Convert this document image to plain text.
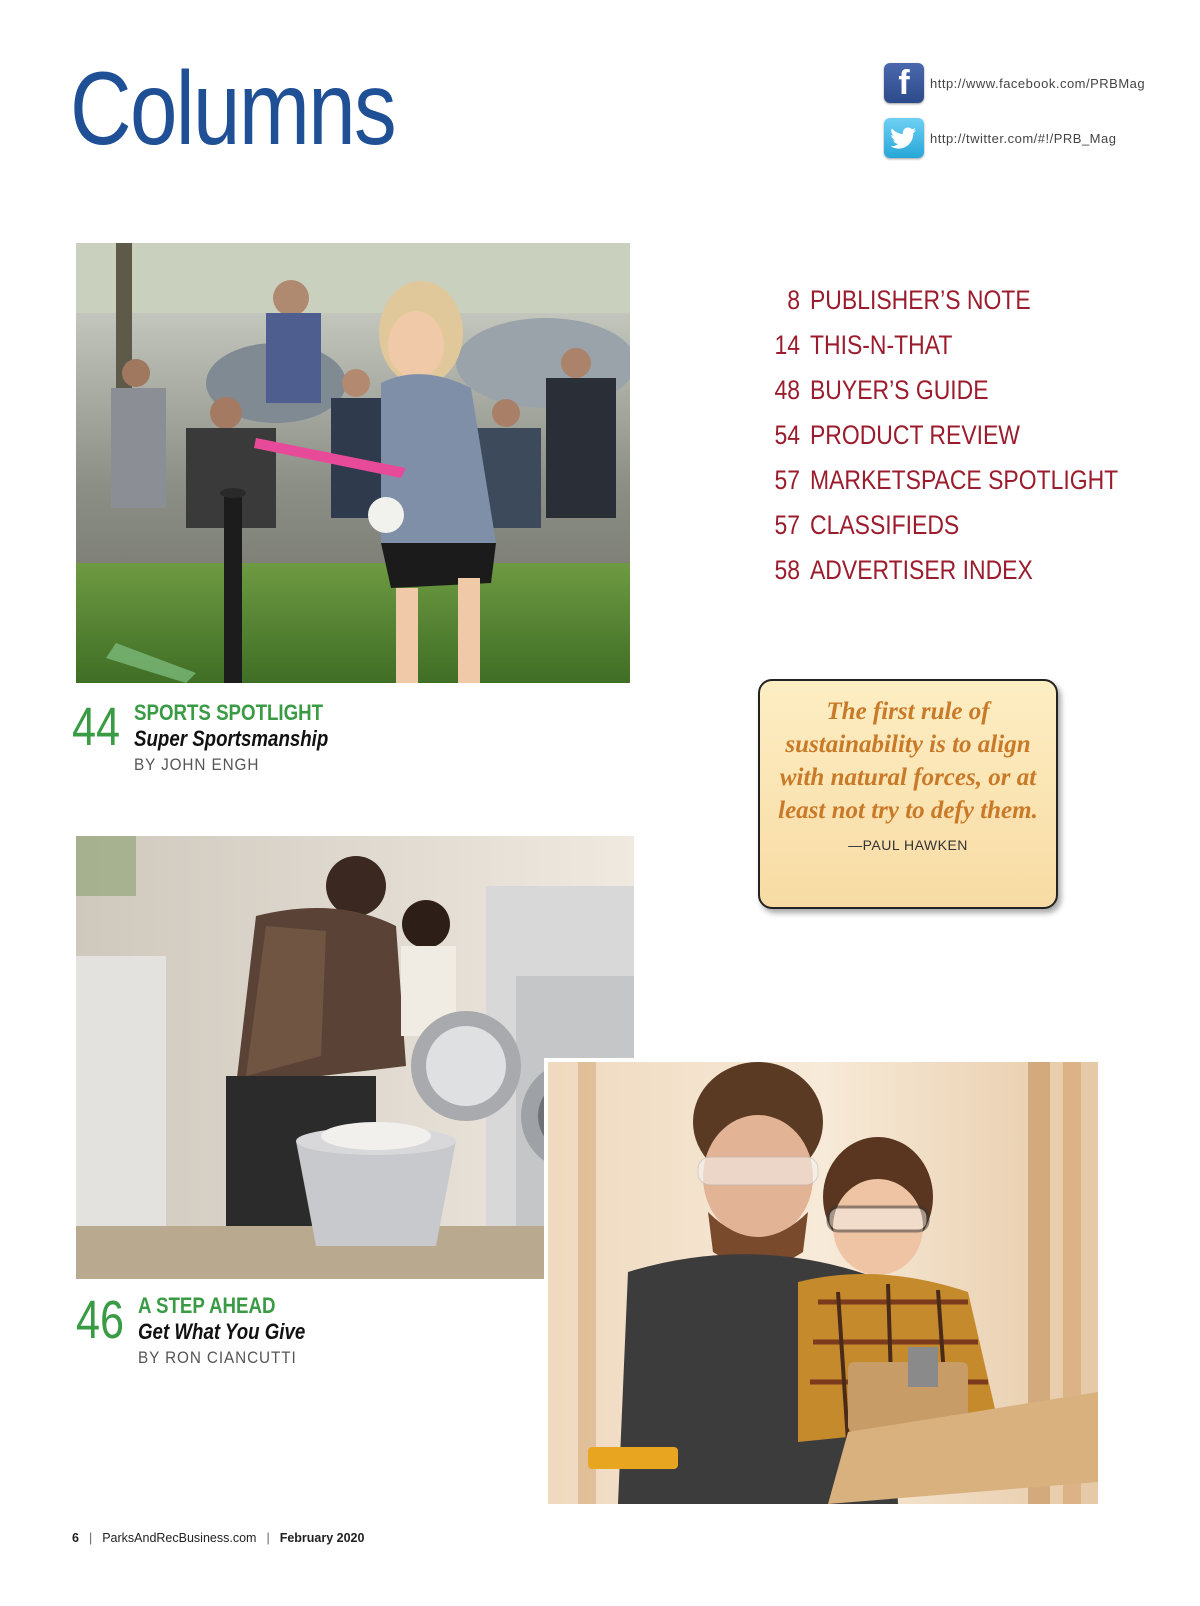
Columns	f	http://www.facebook.com/PRBMag
http://twitter.com/#!/PRB_Mag
8 PUBLISHER’S NOTE
14 THIS-N-THAT
48 BUYER’S GUIDE
54 PRODUCT REVIEW
57 MARKETSPACE SPOTLIGHT
57 CLASSIFIEDS
58 ADVERTISER INDEX
44 SPORTS SPOTLIGHT
Super Sportsmanship
BY JOHN ENGH
The first rule of sustainability is to align with natural forces, or at least not try to defy them.
—PAUL HAWKEN
46 A STEP AHEAD
Get What You Give
BY RON CIANCUTTI
6 | ParksAndRecBusiness.com | February 2020
